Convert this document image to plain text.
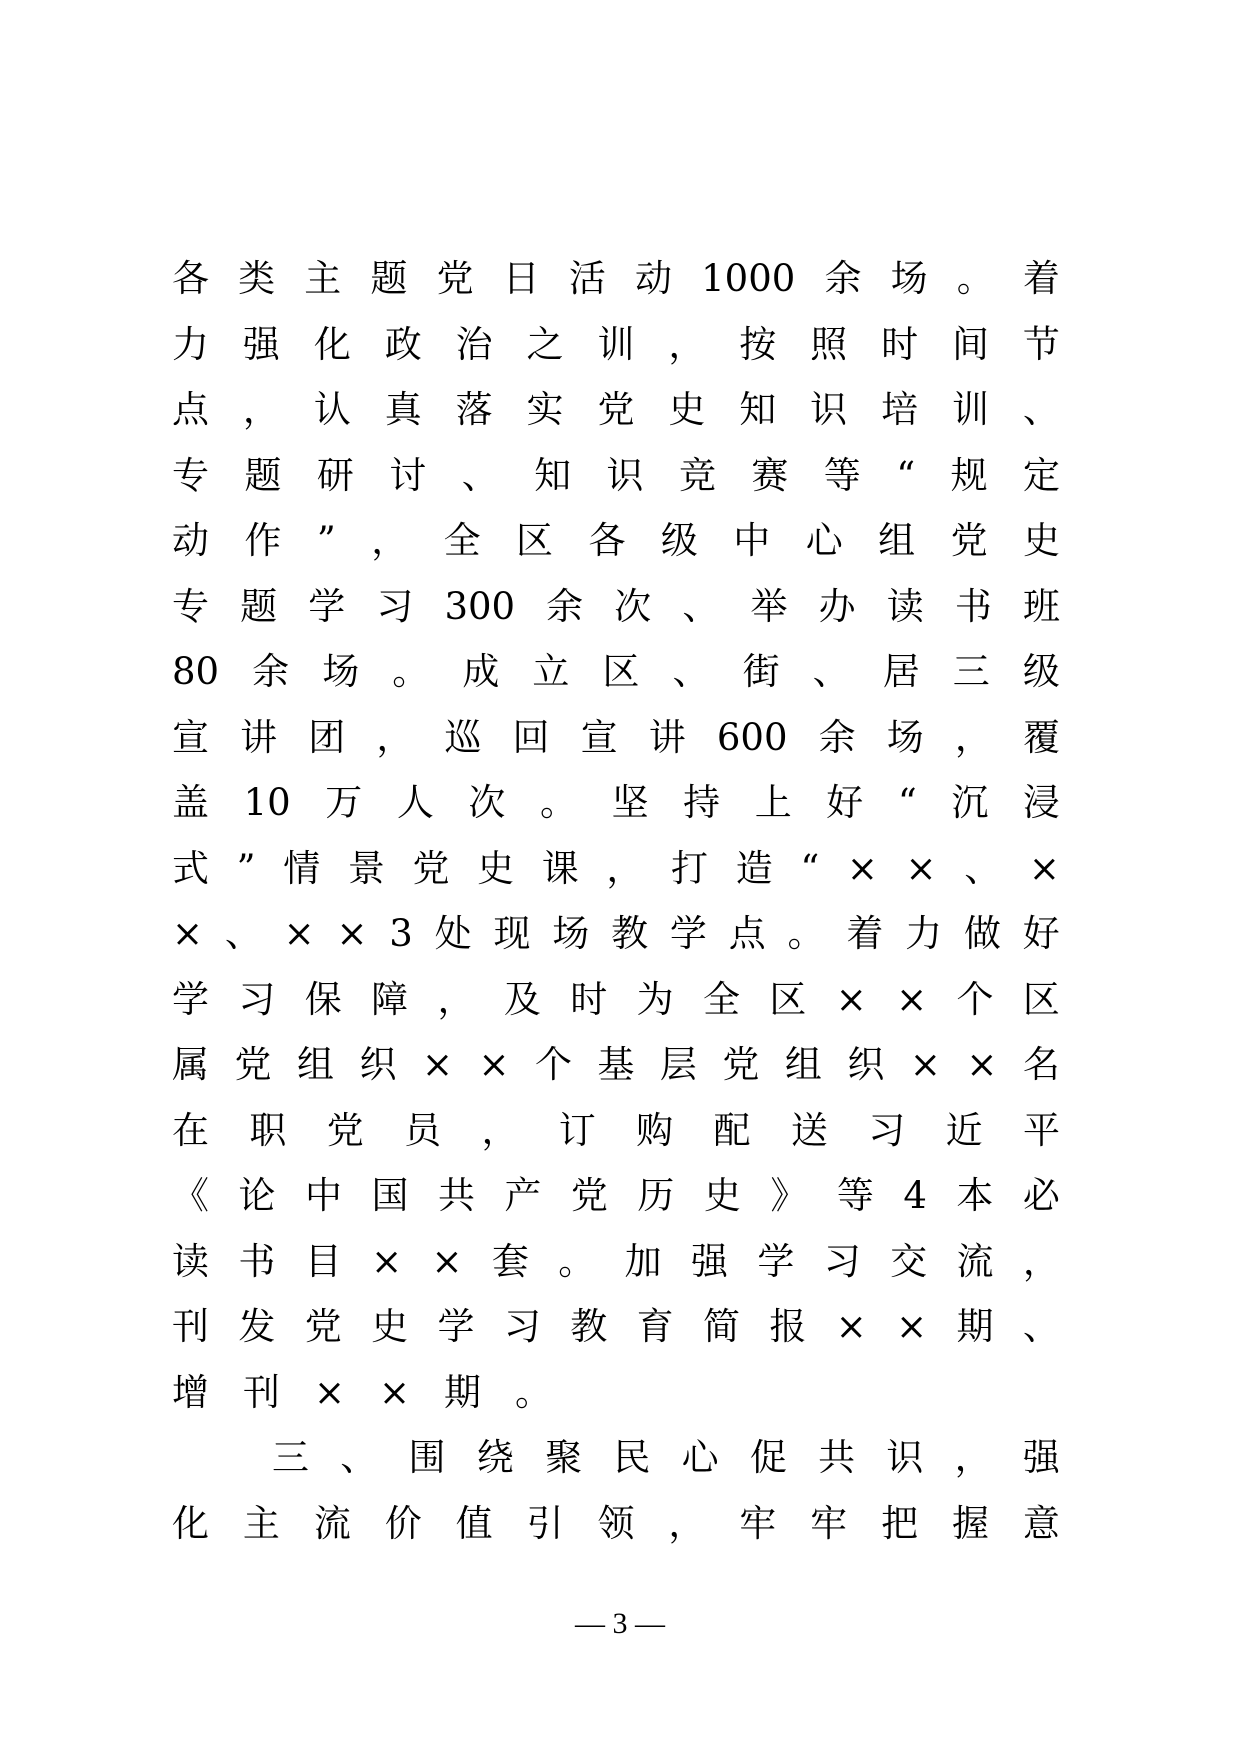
各 类 主 题 党 日 活 动 1000 余 场 。 着
力 强 化 政 治 之 训 ， 按 照 时 间 节
点 ， 认 真 落 实 党 史 知 识 培 训 、
专 题 研 讨 、 知 识 竞 赛 等 “ 规 定
动 作 ” ， 全 区 各 级 中 心 组 党 史
专 题 学 习 300 余 次 、 举 办 读 书 班
80 余 场 。 成 立 区 、 街 、 居 三 级
宣 讲 团 ， 巡 回 宣 讲 600 余 场 ， 覆
盖 10 万 人 次 。 坚 持 上 好 “ 沉 浸
式 ” 情 景 党 史 课 ， 打 造 “ × × 、 ×
× 、 × × 3 处 现 场 教 学 点 。 着 力 做 好
学 习 保 障 ， 及 时 为 全 区 × × 个 区
属 党 组 织 × × 个 基 层 党 组 织 × × 名
在 职 党 员 ， 订 购 配 送 习 近 平
《 论 中 国 共 产 党 历 史 》 等 4 本 必
读 书 目 × × 套 。 加 强 学 习 交 流 ，
刊 发 党 史 学 习 教 育 简 报 × × 期 、
增 刊 × × 期 。
三 、 围 绕 聚 民 心 促 共 识 ， 强
化 主 流 价 值 引 领 ， 牢 牢 把 握 意
— 3 —
